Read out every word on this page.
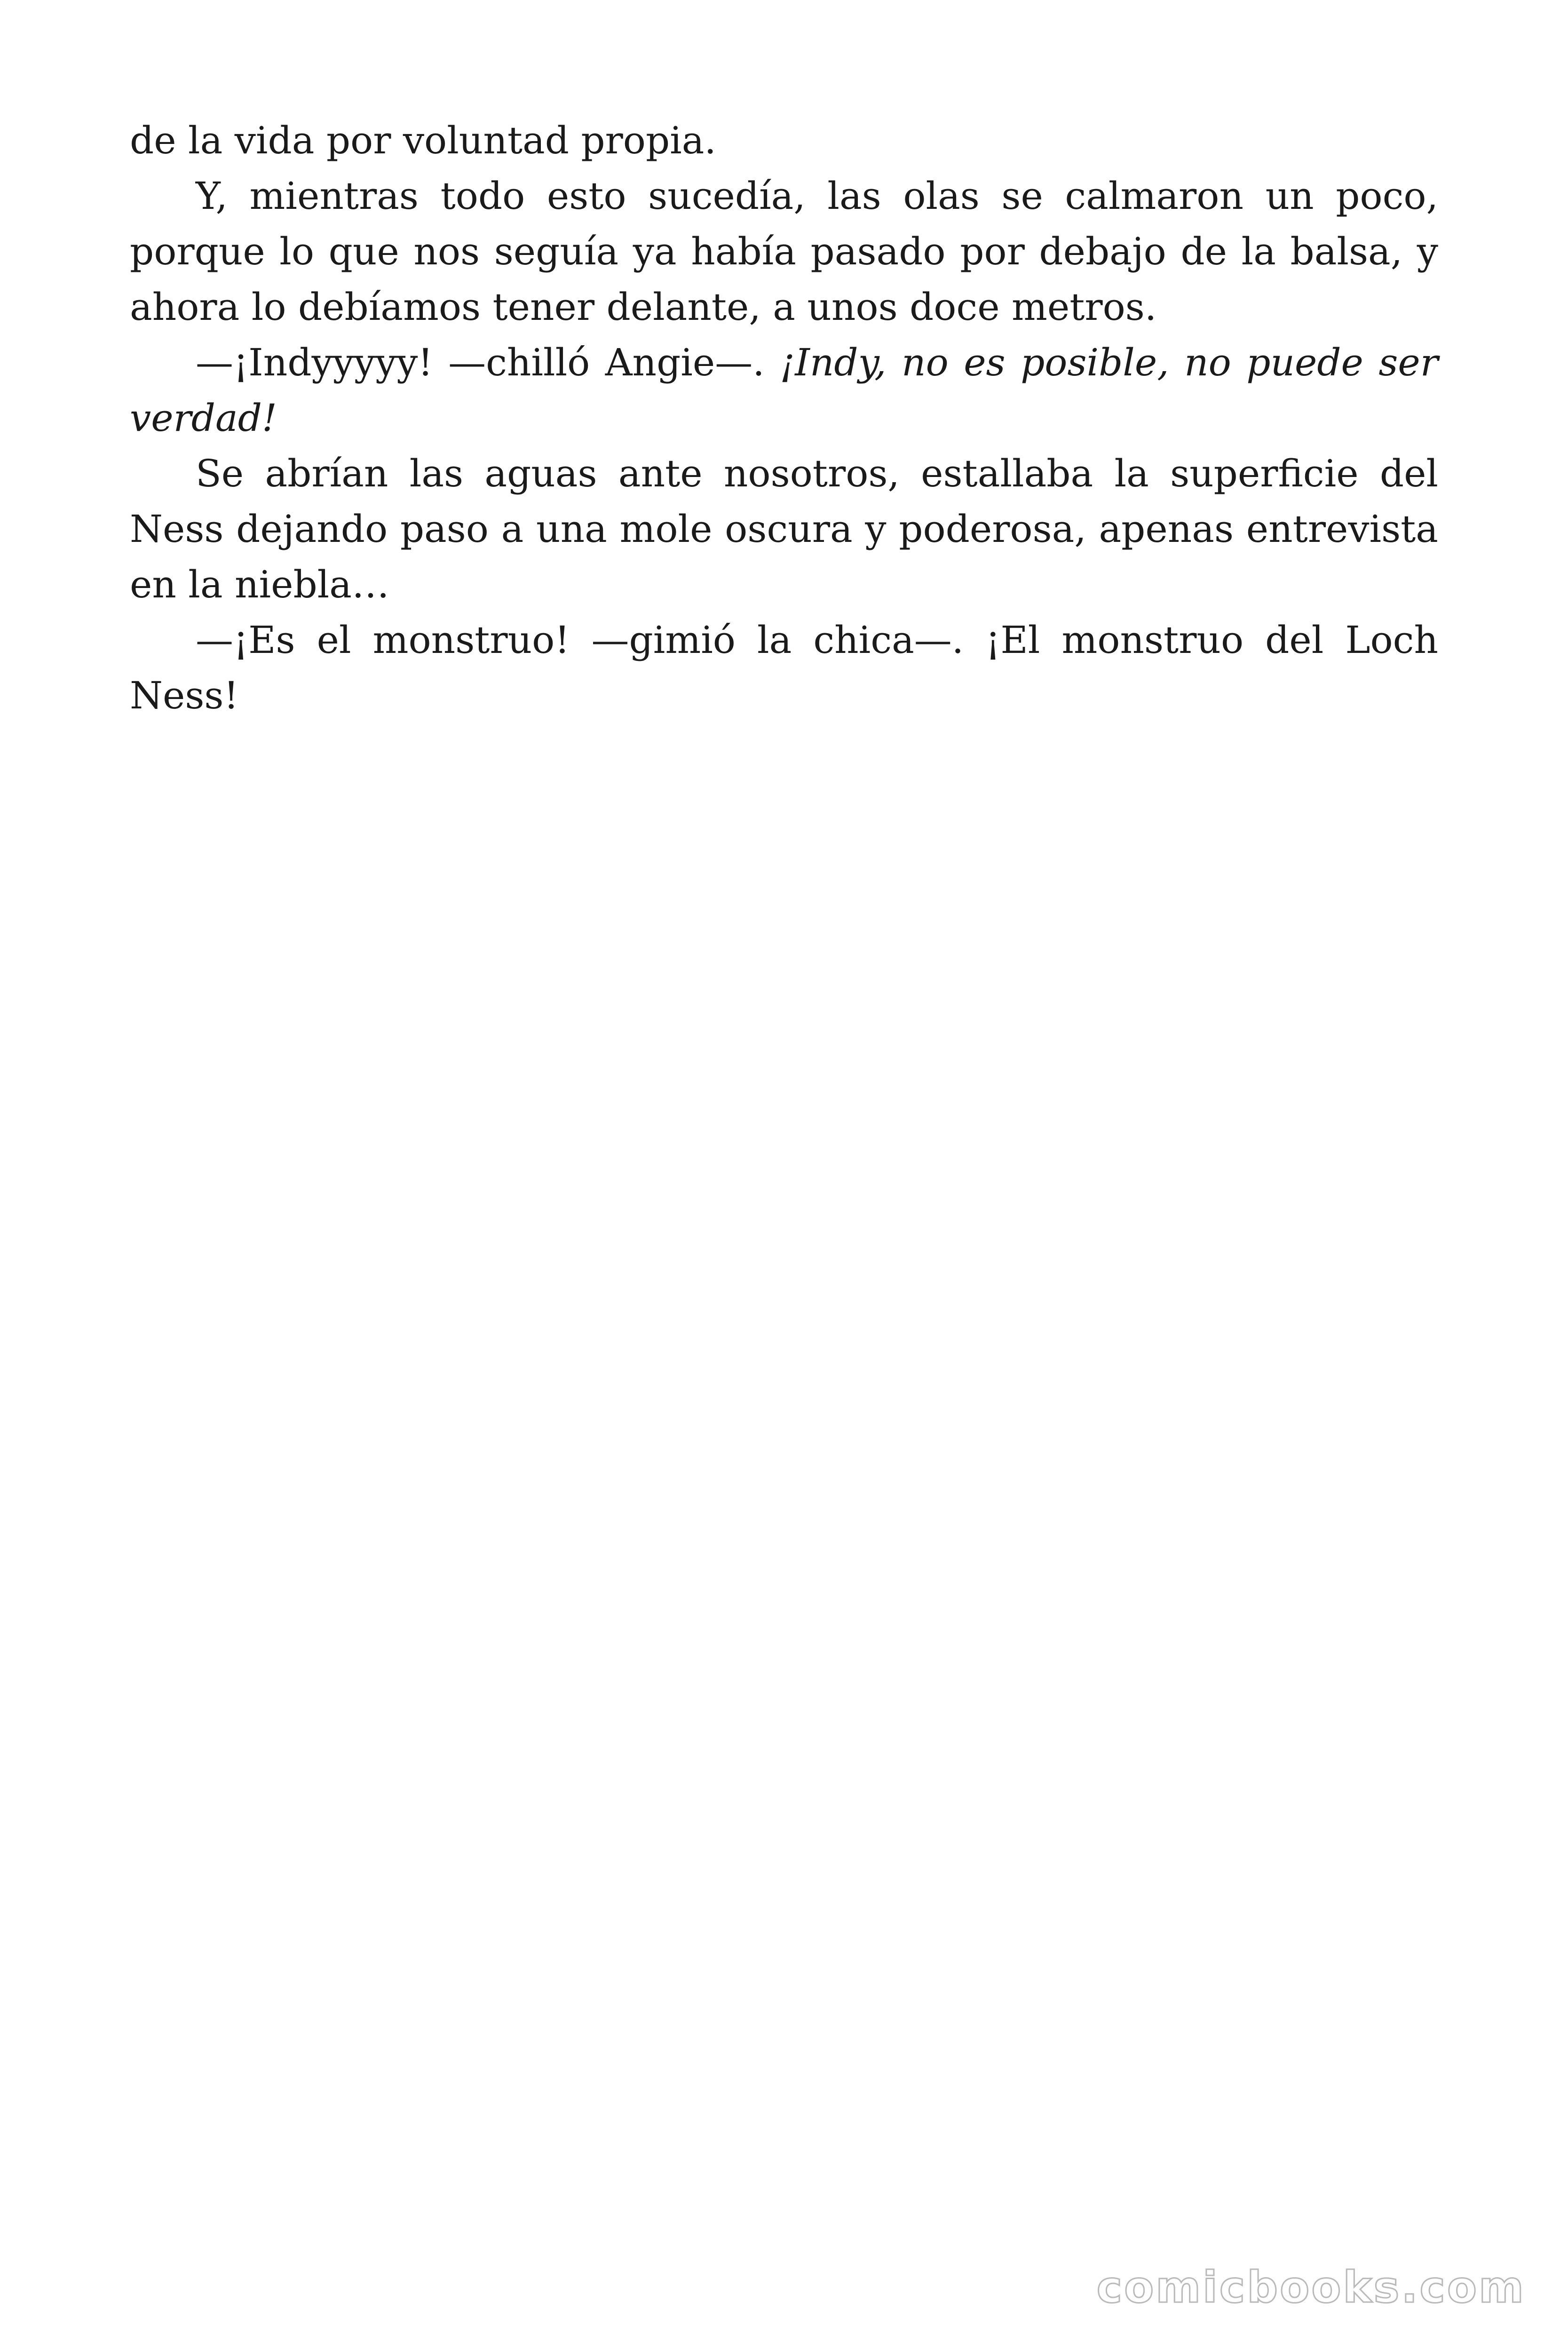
de la vida por voluntad propia.

Y, mientras todo esto sucedía, las olas se calmaron un poco, porque lo que nos seguía ya había pasado por debajo de la balsa, y ahora lo debíamos tener delante, a unos doce metros.

—¡Indyyyyy! —chilló Angie—. ¡Indy, no es posible, no puede ser verdad!

Se abrían las aguas ante nosotros, estallaba la superficie del Ness dejando paso a una mole oscura y poderosa, apenas entrevista en la niebla…

—¡Es el monstruo! —gimió la chica—. ¡El monstruo del Loch Ness!

comicbooks.com
